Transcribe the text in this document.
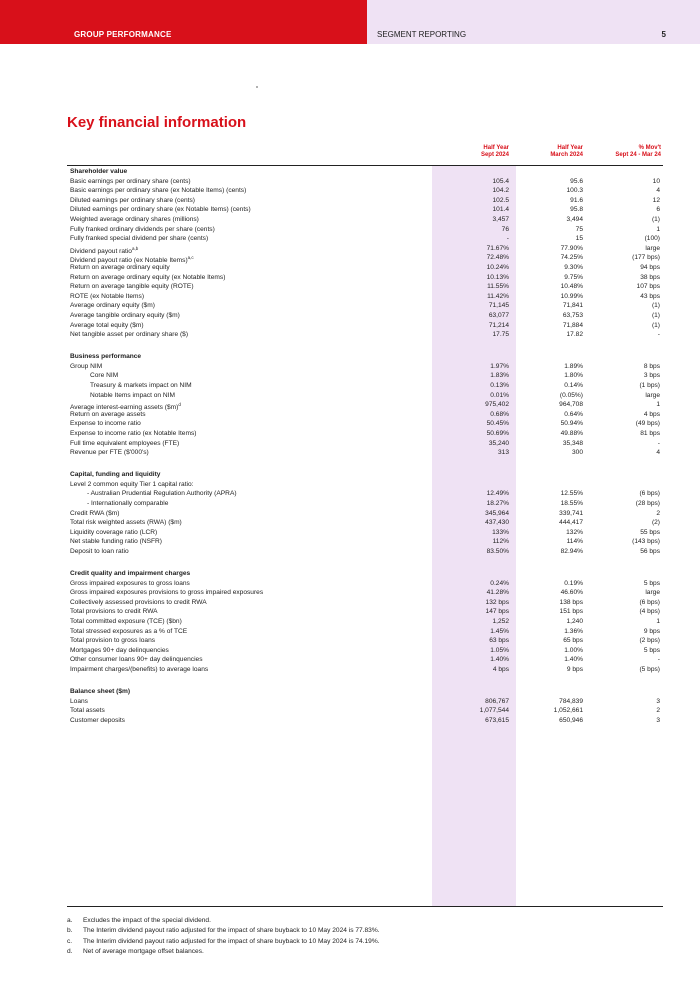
GROUP PERFORMANCE	SEGMENT REPORTING	5
Key financial information
Half Year
Sept 2024
Half Year
March 2024
% Mov't
Sept 24 - Mar 24
Shareholder value
Basic earnings per ordinary share (cents)	105.4	95.6	10
Basic earnings per ordinary share (ex Notable Items) (cents)	104.2	100.3	4
Diluted earnings per ordinary share (cents)	102.5	91.6	12
Diluted earnings per ordinary share (ex Notable Items) (cents)	101.4	95.8	6
Weighted average ordinary shares (millions)	3,457	3,494	(1)
Fully franked ordinary dividends per share (cents)	76	75	1
Fully franked special dividend per share (cents)	-	15	(100)
Dividend payout ratio$^{a,b}$	71.67%	77.90%	large
Dividend payout ratio (ex Notable Items)$^{a,c}$	72.48%	74.25%	(177 bps)
Return on average ordinary equity	10.24%	9.30%	94 bps
Return on average ordinary equity (ex Notable Items)	10.13%	9.75%	38 bps
Return on average tangible equity (ROTE)	11.55%	10.48%	107 bps
ROTE (ex Notable Items)	11.42%	10.99%	43 bps
Average ordinary equity ($m)	71,145	71,841	(1)
Average tangible ordinary equity ($m)	63,077	63,753	(1)
Average total equity ($m)	71,214	71,884	(1)
Net tangible asset per ordinary share ($)	17.75	17.82	-
Business performance
Group NIM	1.97%	1.89%	8 bps
Core NIM	1.83%	1.80%	3 bps
Treasury & markets impact on NIM	0.13%	0.14%	(1 bps)
Notable Items impact on NIM	0.01%	(0.05%)	large
Average interest-earning assets ($m)$^d$	975,402	964,708	1
Return on average assets	0.68%	0.64%	4 bps
Expense to income ratio	50.45%	50.94%	(49 bps)
Expense to income ratio (ex Notable Items)	50.69%	49.88%	81 bps
Full time equivalent employees (FTE)	35,240	35,348	-
Revenue per FTE ($'000's)	313	300	4
Capital, funding and liquidity
Level 2 common equity Tier 1 capital ratio:
- Australian Prudential Regulation Authority (APRA)	12.49%	12.55%	(6 bps)
- Internationally comparable	18.27%	18.55%	(28 bps)
Credit RWA ($m)	345,964	339,741	2
Total risk weighted assets (RWA) ($m)	437,430	444,417	(2)
Liquidity coverage ratio (LCR)	133%	132%	55 bps
Net stable funding ratio (NSFR)	112%	114%	(143 bps)
Deposit to loan ratio	83.50%	82.94%	56 bps
Credit quality and impairment charges
Gross impaired exposures to gross loans	0.24%	0.19%	5 bps
Gross impaired exposures provisions to gross impaired exposures	41.28%	46.60%	large
Collectively assessed provisions to credit RWA	132 bps	138 bps	(6 bps)
Total provisions to credit RWA	147 bps	151 bps	(4 bps)
Total committed exposure (TCE) ($bn)	1,252	1,240	1
Total stressed exposures as a % of TCE	1.45%	1.36%	9 bps
Total provision to gross loans	63 bps	65 bps	(2 bps)
Mortgages 90+ day delinquencies	1.05%	1.00%	5 bps
Other consumer loans 90+ day delinquencies	1.40%	1.40%	-
Impairment charges/(benefits) to average loans	4 bps	9 bps	(5 bps)
Balance sheet ($m)
Loans	806,767	784,839	3
Total assets	1,077,544	1,052,661	2
Customer deposits	673,615	650,946	3
a. Excludes the impact of the special dividend.
b. The Interim dividend payout ratio adjusted for the impact of share buyback to 10 May 2024 is 77.83%.
c. The Interim dividend payout ratio adjusted for the impact of share buyback to 10 May 2024 is 74.19%.
d. Net of average mortgage offset balances.
